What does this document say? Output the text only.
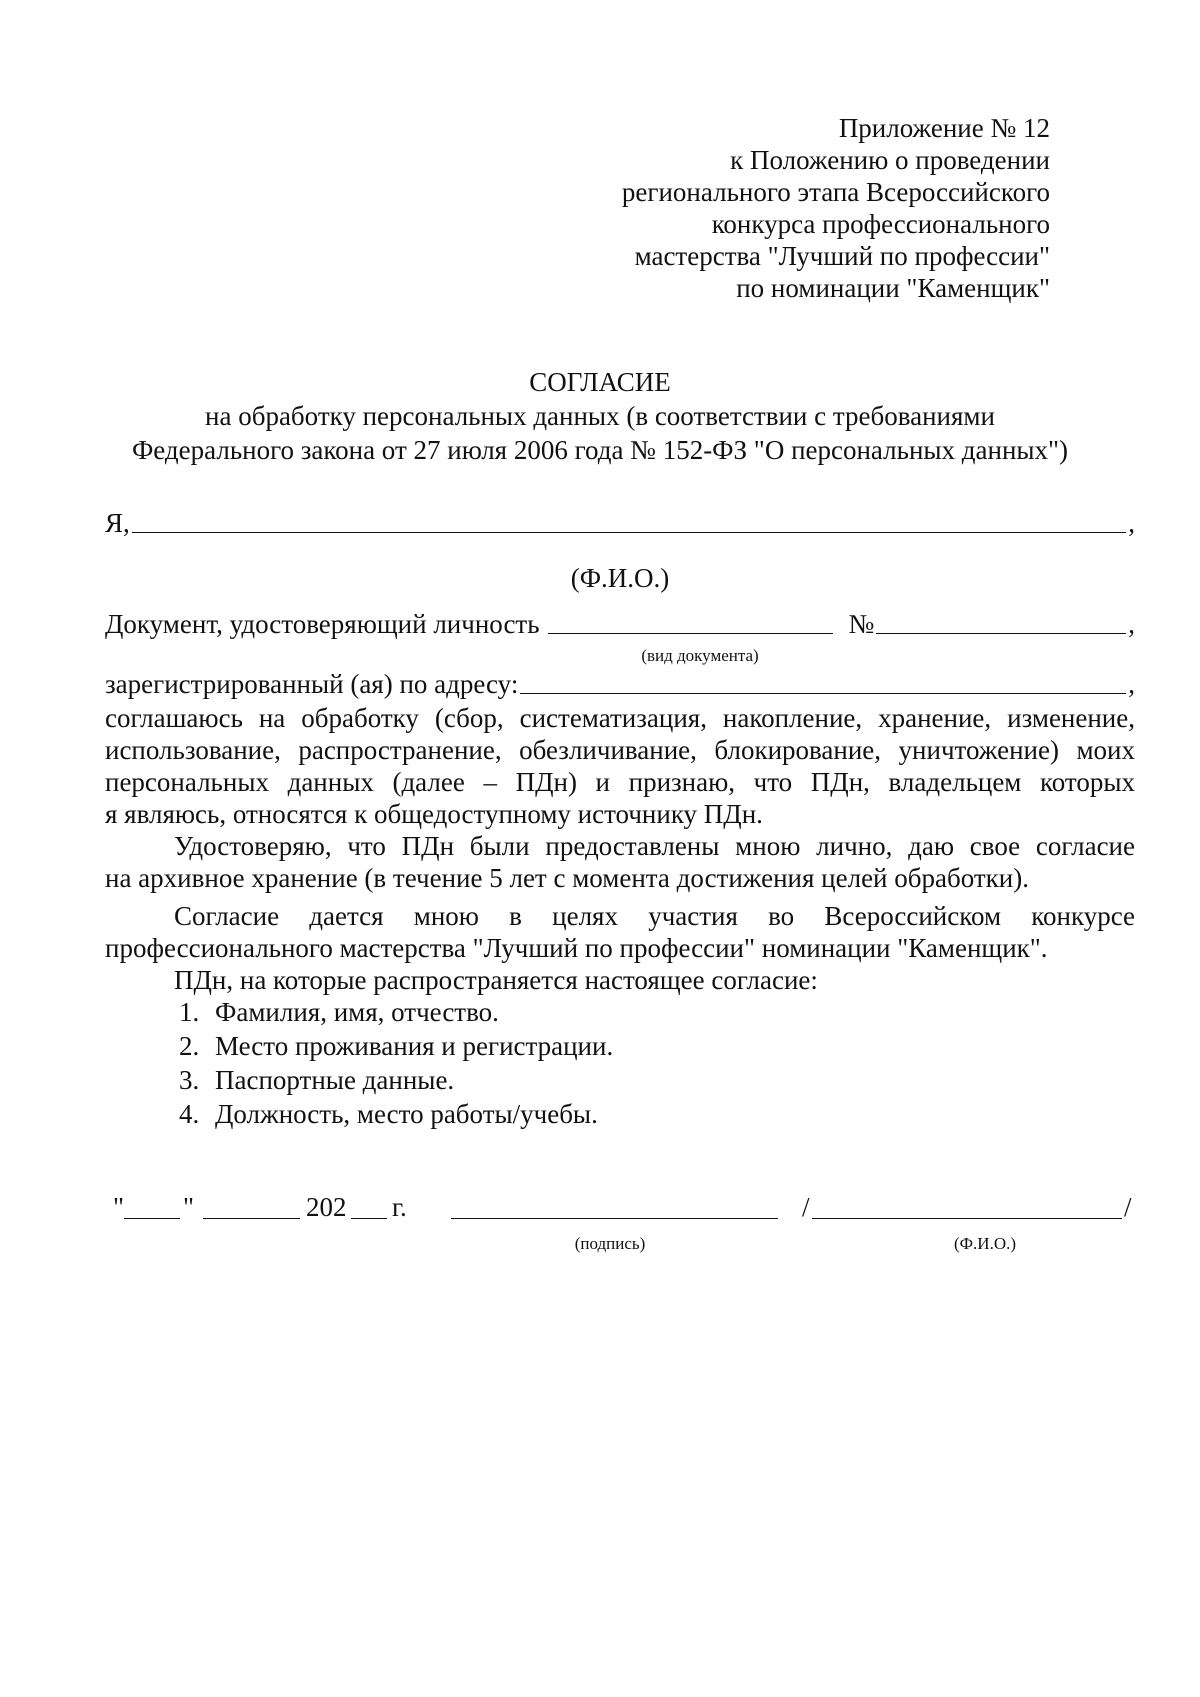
Приложение № 12
к Положению о проведении
регионального этапа Всероссийского
конкурса профессионального
мастерства "Лучший по профессии"
по номинации "Каменщик"
СОГЛАСИЕ
на обработку персональных данных (в соответствии с требованиями
Федерального закона от 27 июля 2006 года № 152-ФЗ "О персональных данных")
Я,	,
(Ф.И.О.)
Документ, удостоверяющий личность	№	,
(вид документа)
зарегистрированный (ая) по адресу:	,
соглашаюсь на обработку (сбор, систематизация, накопление, хранение, изменение,
использование, распространение, обезличивание, блокирование, уничтожение) моих
персональных данных (далее – ПДн) и признаю, что ПДн, владельцем которых
я являюсь, относятся к общедоступному источнику ПДн.
Удостоверяю, что ПДн были предоставлены мною лично, даю свое согласие
на архивное хранение (в течение 5 лет с момента достижения целей обработки).
Согласие дается мною в целях участия во Всероссийском конкурсе
профессионального мастерства "Лучший по профессии" номинации "Каменщик".
ПДн, на которые распространяется настоящее согласие:
1. Фамилия, имя, отчество.
2. Место проживания и регистрации.
3. Паспортные данные.
4. Должность, место работы/учебы.
" "	202 г.	/	/
(подпись)	(Ф.И.О.)
